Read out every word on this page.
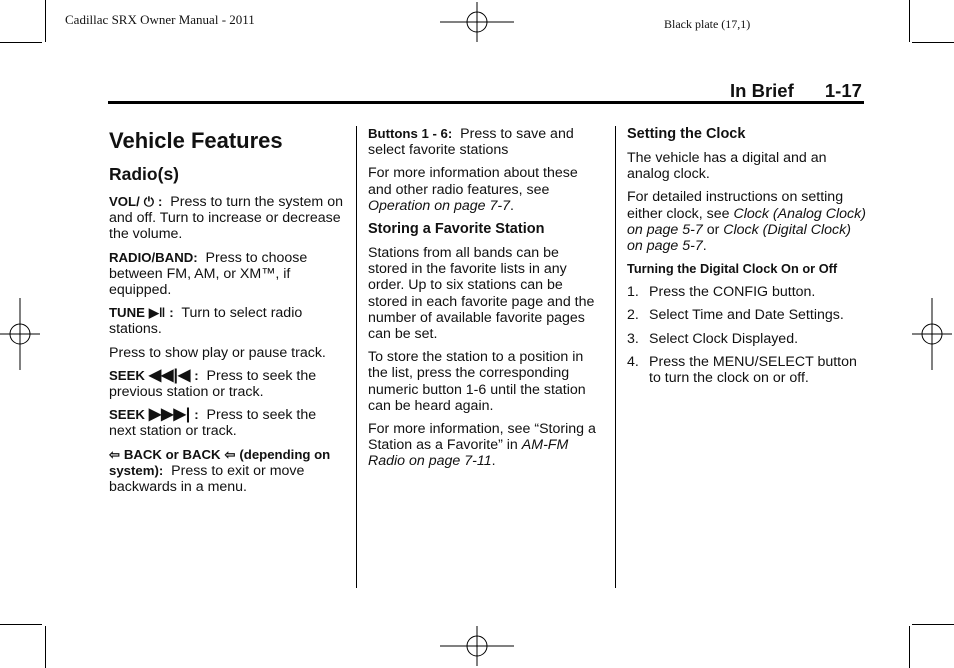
Cadillac SRX Owner Manual - 2011	Black plate (17,1)
In Brief 1-17
Vehicle Features
Radio(s)

VOL/ ⏻ : Press to turn the system on and off. Turn to increase or decrease the volume.

RADIO/BAND: Press to choose between FM, AM, or XM™, if equipped.

TUNE ▶‖ : Turn to select radio stations.

Press to show play or pause track.

SEEK ◀◀|◀ : Press to seek the previous station or track.

SEEK ▶▶▶| : Press to seek the next station or track.

⇦ BACK or BACK ⇦ (depending on system): Press to exit or move backwards in a menu.

Buttons 1 - 6: Press to save and select favorite stations

For more information about these and other radio features, see Operation on page 7-7.

Storing a Favorite Station

Stations from all bands can be stored in the favorite lists in any order. Up to six stations can be stored in each favorite page and the number of available favorite pages can be set.

To store the station to a position in the list, press the corresponding numeric button 1-6 until the station can be heard again.

For more information, see “Storing a Station as a Favorite” in AM-FM Radio on page 7-11.

Setting the Clock

The vehicle has a digital and an analog clock.

For detailed instructions on setting either clock, see Clock (Analog Clock) on page 5-7 or Clock (Digital Clock) on page 5-7.

Turning the Digital Clock On or Off
1. Press the CONFIG button.
2. Select Time and Date Settings.
3. Select Clock Displayed.
4. Press the MENU/SELECT button to turn the clock on or off.
